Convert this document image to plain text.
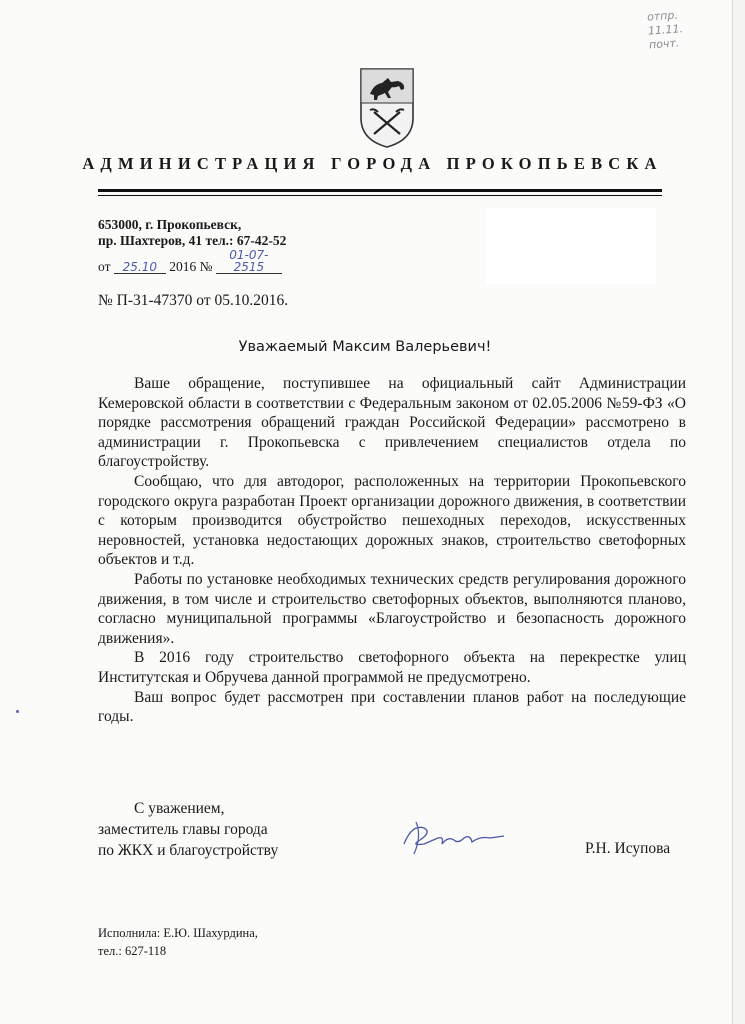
отпр.
11.11.
почт.
АДМИНИСТРАЦИЯ ГОРОДА ПРОКОПЬЕВСКА
653000, г. Прокопьевск,
пр. Шахтеров, 41 тел.: 67-42-52
от 25.10 2016 № 01-07-2515
№ П-31-47370 от 05.10.2016.
Уважаемый Максим Валерьевич!

Ваше обращение, поступившее на официальный сайт Администрации Кемеровской области в соответствии с Федеральным законом от 02.05.2006 №59-ФЗ «О порядке рассмотрения обращений граждан Российской Федерации» рассмотрено в администрации г. Прокопьевска с привлечением специалистов отдела по благоустройству.

Сообщаю, что для автодорог, расположенных на территории Прокопьевского городского округа разработан Проект организации дорожного движения, в соответствии с которым производится обустройство пешеходных переходов, искусственных неровностей, установка недостающих дорожных знаков, строительство светофорных объектов и т.д.

Работы по установке необходимых технических средств регулирования дорожного движения, в том числе и строительство светофорных объектов, выполняются планово, согласно муниципальной программы «Благоустройство и безопасность дорожного движения».

В 2016 году строительство светофорного объекта на перекрестке улиц Институтская и Обручева данной программой не предусмотрено.

Ваш вопрос будет рассмотрен при составлении планов работ на последующие годы.

С уважением,
заместитель главы города
по ЖКХ и благоустройству	Р.Н. Исупова
Исполнила: Е.Ю. Шахурдина,
тел.: 627-118
